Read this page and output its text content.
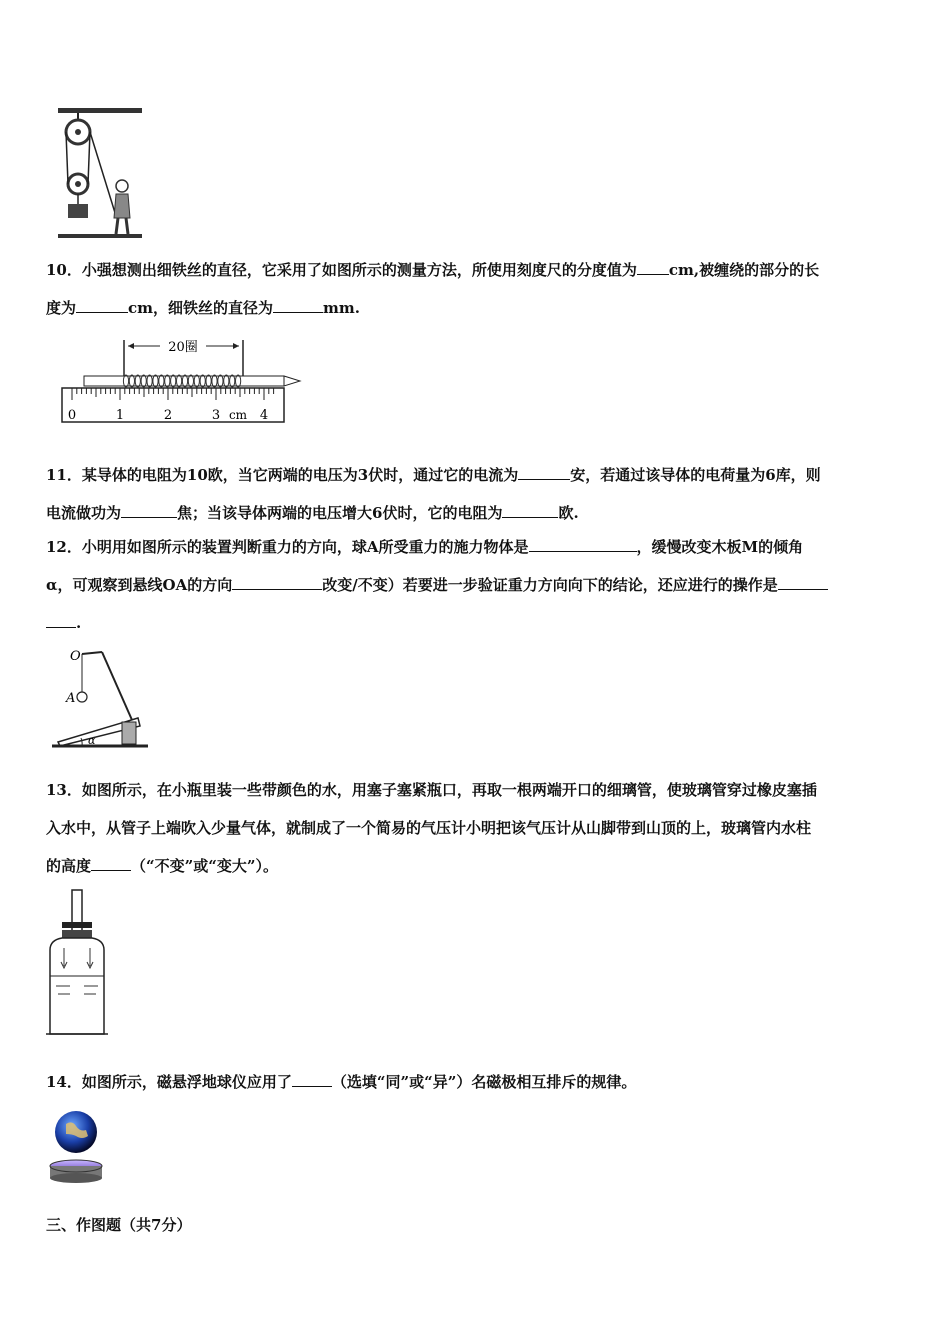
10．小强想测出细铁丝的直径，它采用了如图所示的测量方法，所使用刻度尺的分度值为 cm,被缠绕的部分的长
度为	cm，细铁丝的直径为	mm.
20圈
0	1	2	3 cm 4
11．某导体的电阻为10欧，当它两端的电压为3伏时，通过它的电流为	安，若通过该导体的电荷量为6库，则
电流做功为	焦；当该导体两端的电压增大6伏时，它的电阻为	欧.
12．小明用如图所示的装置判断重力的方向，球A所受重力的施力物体是	，缓慢改变木板M的倾角
α，可观察到悬线OA的方向	改变/不变）若要进一步验证重力方向向下的结论，还应进行的操作是
.
O
A
α
13．如图所示，在小瓶里装一些带颜色的水，用塞子塞紧瓶口，再取一根两端开口的细璃管，使玻璃管穿过橡皮塞插
入水中，从管子上端吹入少量气体，就制成了一个简易的气压计小明把该气压计从山脚带到山顶的上，玻璃管内水柱
的高度	（“不变”或“变大”）。
14．如图所示，磁悬浮地球仪应用了	（选填“同”或“异”）名磁极相互排斥的规律。
三、作图题（共7分）
